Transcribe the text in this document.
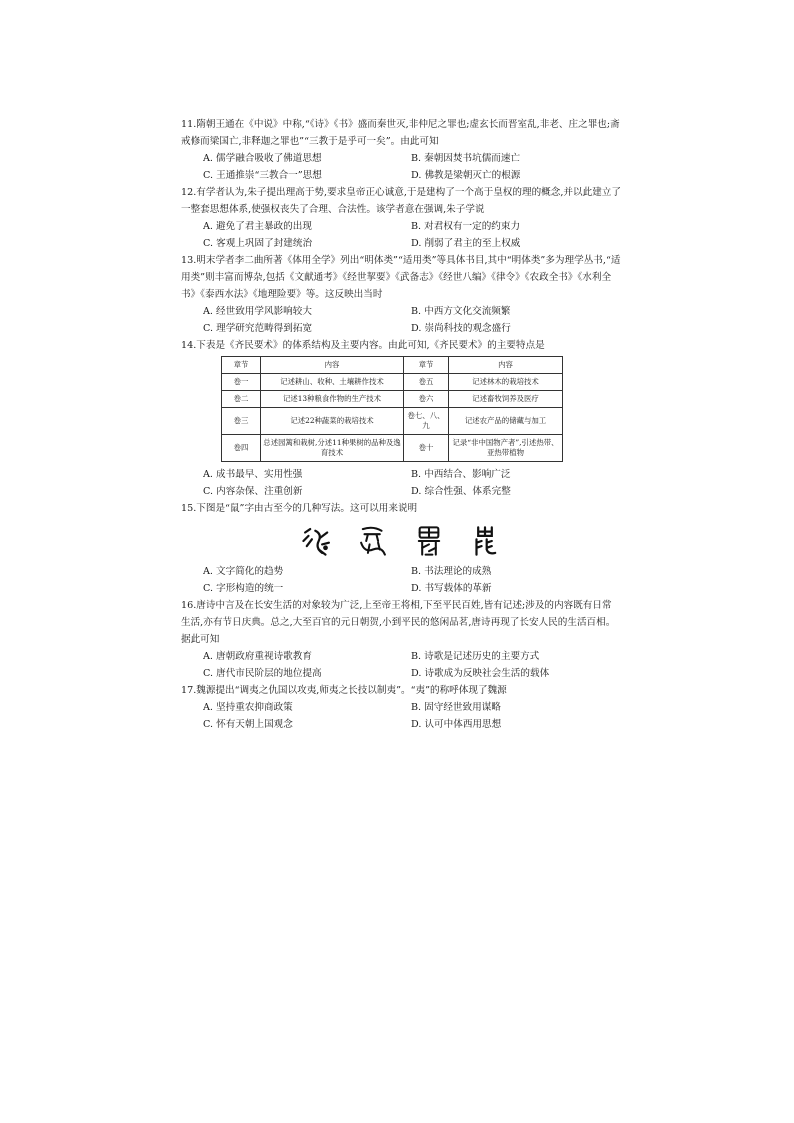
11.隋朝王通在《中说》中称,“《诗》《书》盛而秦世灭,非仲尼之罪也;虚玄长而晋室乱,非老、庄之罪也;斋戒修而梁国亡,非释迦之罪也”“三教于是乎可一矣”。由此可知
A. 儒学融合吸收了佛道思想	B. 秦朝因焚书坑儒而速亡
C. 王通推崇“三教合一”思想	D. 佛教是梁朝灭亡的根源
12.有学者认为,朱子提出理高于势,要求皇帝正心诚意,于是建构了一个高于皇权的理的概念,并以此建立了一整套思想体系,使强权丧失了合理、合法性。该学者意在强调,朱子学说
A. 避免了君主暴政的出现	B. 对君权有一定的约束力
C. 客观上巩固了封建统治	D. 削弱了君主的至上权威
13.明末学者李二曲所著《体用全学》列出“明体类”“适用类”等具体书目,其中“明体类”多为理学丛书,“适用类”则丰富而博杂,包括《文献通考》《经世挈要》《武备志》《经世八编》《律令》《农政全书》《水利全书》《泰西水法》《地理险要》等。这反映出当时
A. 经世致用学风影响较大	B. 中西方文化交流频繁
C. 理学研究范畴得到拓宽	D. 崇尚科技的观念盛行
14.下表是《齐民要术》的体系结构及主要内容。由此可知,《齐民要术》的主要特点是
章节	内容	章节	内容
卷一	记述耕山、收种、土壤耕作技术	卷五	记述林木的栽培技术
卷二	记述13种粮食作物的生产技术	卷六	记述畜牧饲养及医疗
卷三	记述22种蔬菜的栽培技术	卷七、八、九	记述农产品的储藏与加工
卷四	总述园篱和栽树,分述11种果树的品种及逸育技术	卷十	记录“非中国物产者”,引述热带、亚热带植物
A. 成书最早、实用性强	B. 中西结合、影响广泛
C. 内容杂保、注重创新	D. 综合性强、体系完整
15.下图是“鼠”字由古至今的几种写法。这可以用来说明
A. 文字简化的趋势	B. 书法理论的成熟
C. 字形构造的统一	D. 书写载体的革新
16.唐诗中言及在长安生活的对象较为广泛,上至帝王将相,下至平民百姓,皆有记述;涉及的内容既有日常生活,亦有节日庆典。总之,大至百官的元日朝贺,小到平民的悠闲品茗,唐诗再现了长安人民的生活百相。据此可知
A. 唐朝政府重视诗歌教育	B. 诗歌是记述历史的主要方式
C. 唐代市民阶层的地位提高	D. 诗歌成为反映社会生活的载体
17.魏源提出“调夷之仇国以攻夷,师夷之长技以制夷”。“夷”的称呼体现了魏源
A. 坚持重农抑商政策	B. 固守经世致用谋略
C. 怀有天朝上国观念	D. 认可中体西用思想
